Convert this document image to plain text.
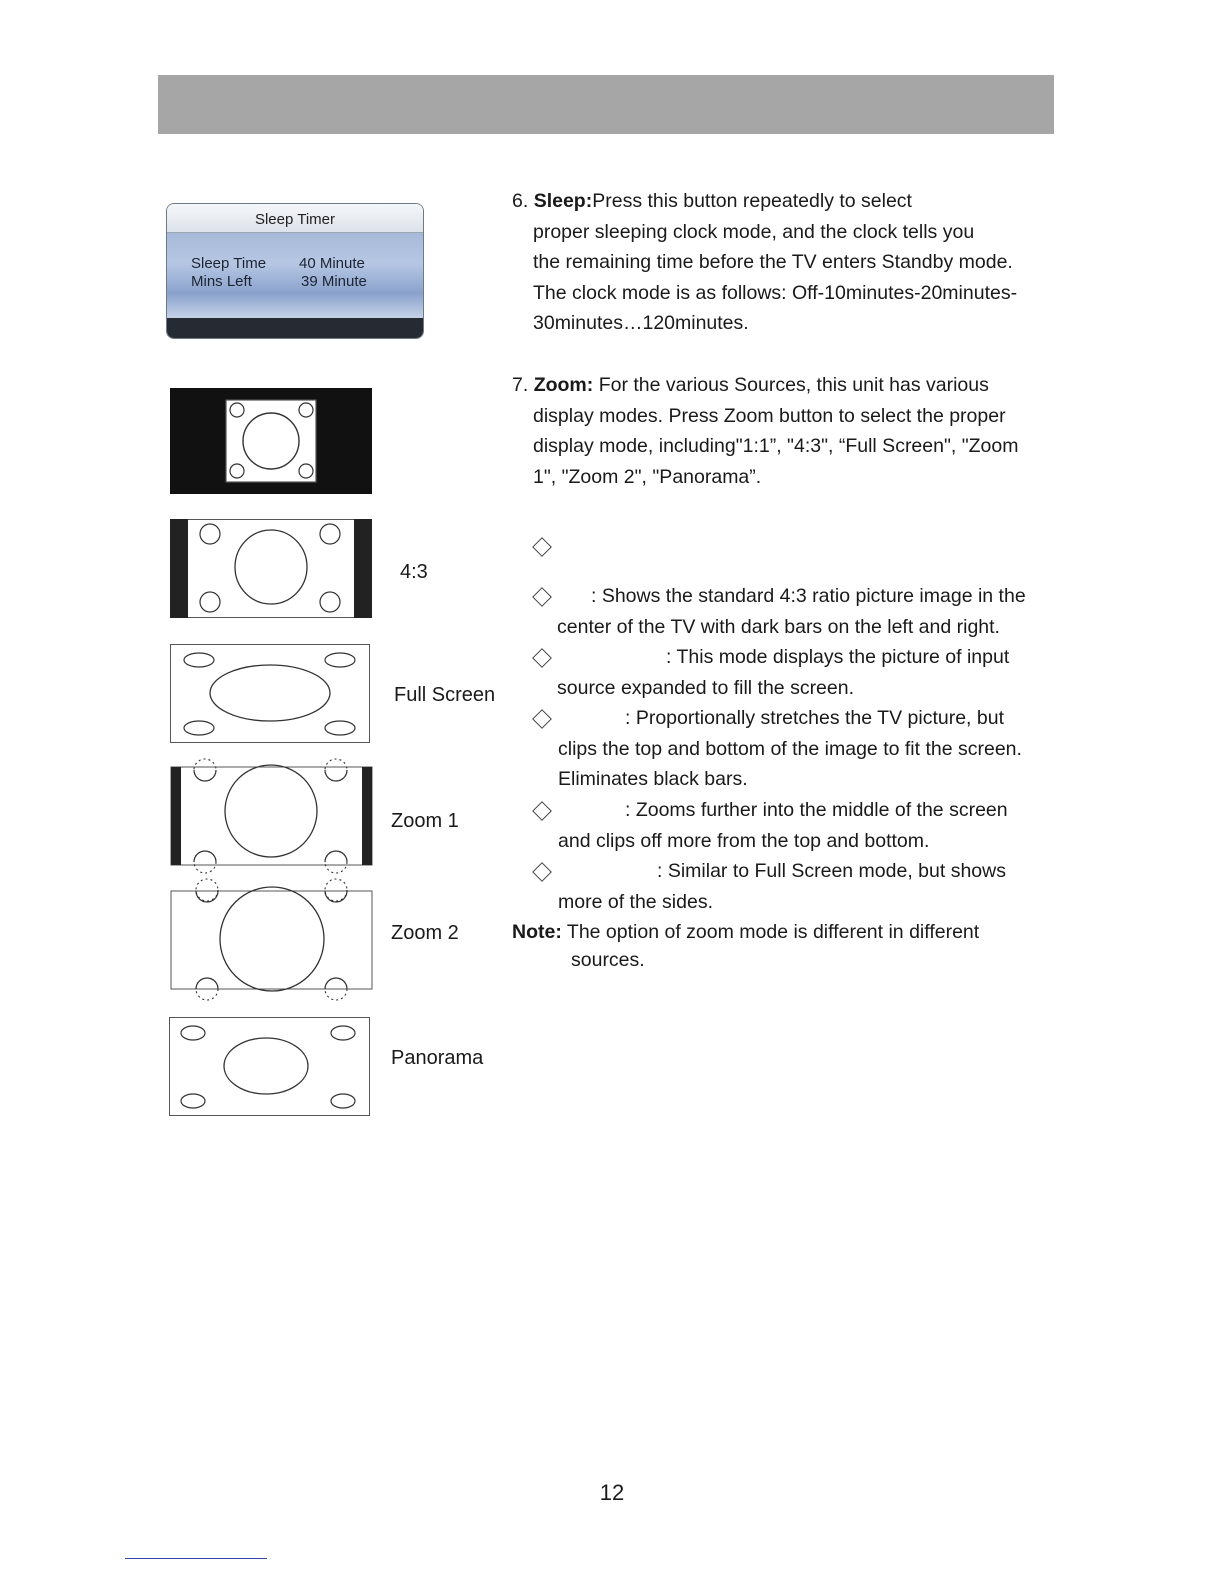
Sleep Timer
Sleep Time 40 Minute
Mins Left	39 Minute
4:3
Full Screen
Zoom 1
Zoom 2
Panorama
6. Sleep:Press this button repeatedly to select
proper sleeping clock mode, and the clock tells you
the remaining time before the TV enters Standby mode.
The clock mode is as follows: Off-10minutes-20minutes-
30minutes…120minutes.
7. Zoom: For the various Sources, this unit has various
display modes. Press Zoom button to select the proper
display mode, including"1:1”, "4:3", “Full Screen", "Zoom
1", "Zoom 2", "Panorama”.
: Shows the standard 4:3 ratio picture image in the
center of the TV with dark bars on the left and right.
: This mode displays the picture of input
source expanded to fill the screen.
: Proportionally stretches the TV picture, but
clips the top and bottom of the image to fit the screen.
Eliminates black bars.
: Zooms further into the middle of the screen
and clips off more from the top and bottom.
: Similar to Full Screen mode, but shows
more of the sides.
Note: The option of zoom mode is different in different
sources.
12
